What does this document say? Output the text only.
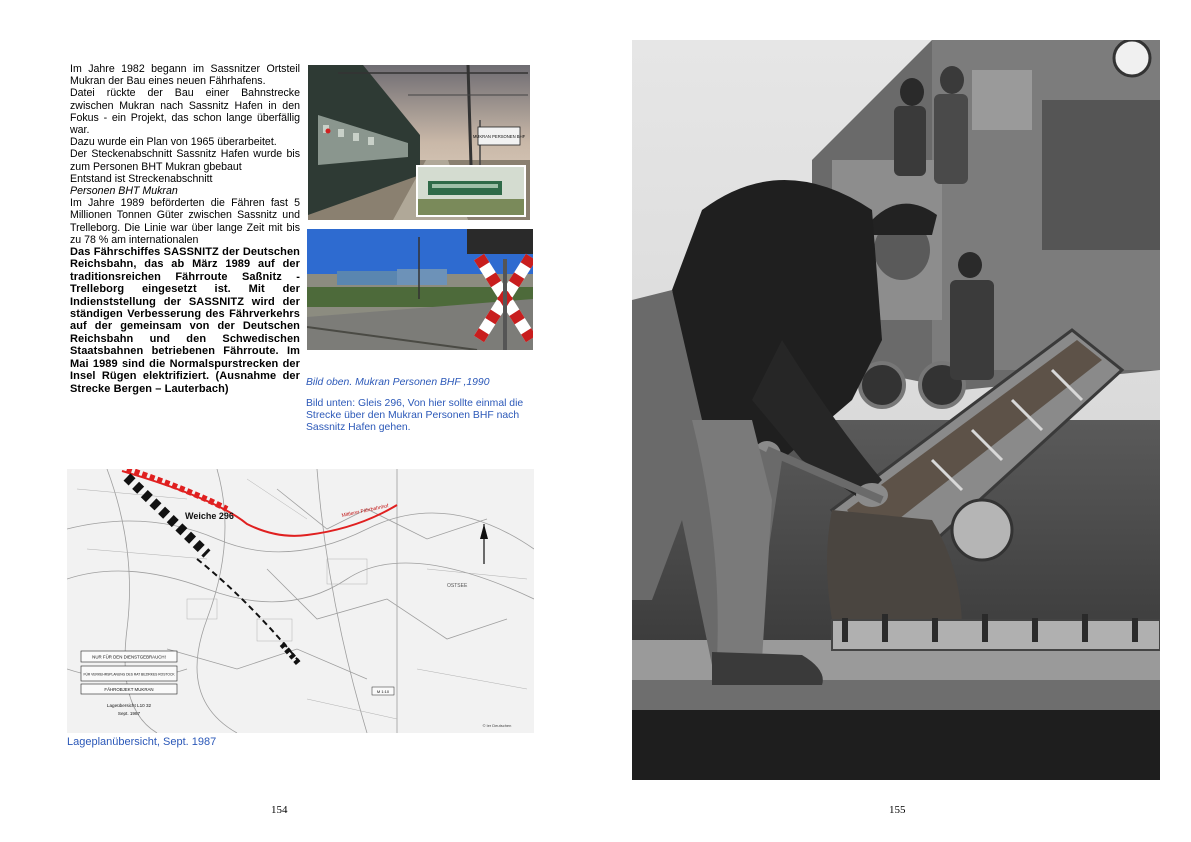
Im Jahre 1982 begann im Sassnitzer Ortsteil Mukran der Bau eines neuen Fährhafens.

Datei rückte der Bau einer Bahnstrecke zwischen Mukran nach Sassnitz Hafen in den Fokus - ein Projekt, das schon lange überfällig war.

Dazu wurde ein Plan von 1965 überarbeitet.

Der Steckenabschnitt Sassnitz Hafen wurde bis zum Personen BHT Mukran gbebaut

Entstand ist Streckenabschnitt

Personen BHT Mukran

Im Jahre 1989 beförderten die Fähren fast 5 Millionen Tonnen Güter zwischen Sassnitz und Trelleborg. Die Linie war über lange Zeit mit bis zu 78 % am internationalen

Das Fährschiffes SASSNITZ der Deutschen Reichsbahn, das ab März 1989 auf der traditionsreichen Fährroute Saßnitz -Trelleborg eingesetzt ist. Mit der Indienststellung der SASSNITZ wird der ständigen Verbesserung des Fährverkehrs auf der gemeinsam von der Deutschen Reichsbahn und den Schwedischen Staatsbahnen betriebenen Fährroute. Im Mai 1989 sind die Normalspurstrecken der Insel Rügen elektrifiziert. (Ausnahme der Strecke Bergen – Lauterbach)

MUKRAN PERSONEN BHF
Bild oben. Mukran Personen BHF ,1990
Bild unten: Gleis 296, Von hier sollte einmal die Strecke über den Mukran Personen BHF nach Sassnitz Hafen gehen.
Weiche 296	Mittlerer Fährbahnhof
OSTSEE
NUR FÜR DEN DIENSTGEBRAUCH!
FÜR VERKEHRSPLANUNG DES RAT BEZIRKES ROSTOCK
FÄHROBJEKT MUKRAN
Lageübersicht L10 32
Sept. 1987
M 1:10
© ler Deutschen
Lageplanübersicht, Sept. 1987
154	155
